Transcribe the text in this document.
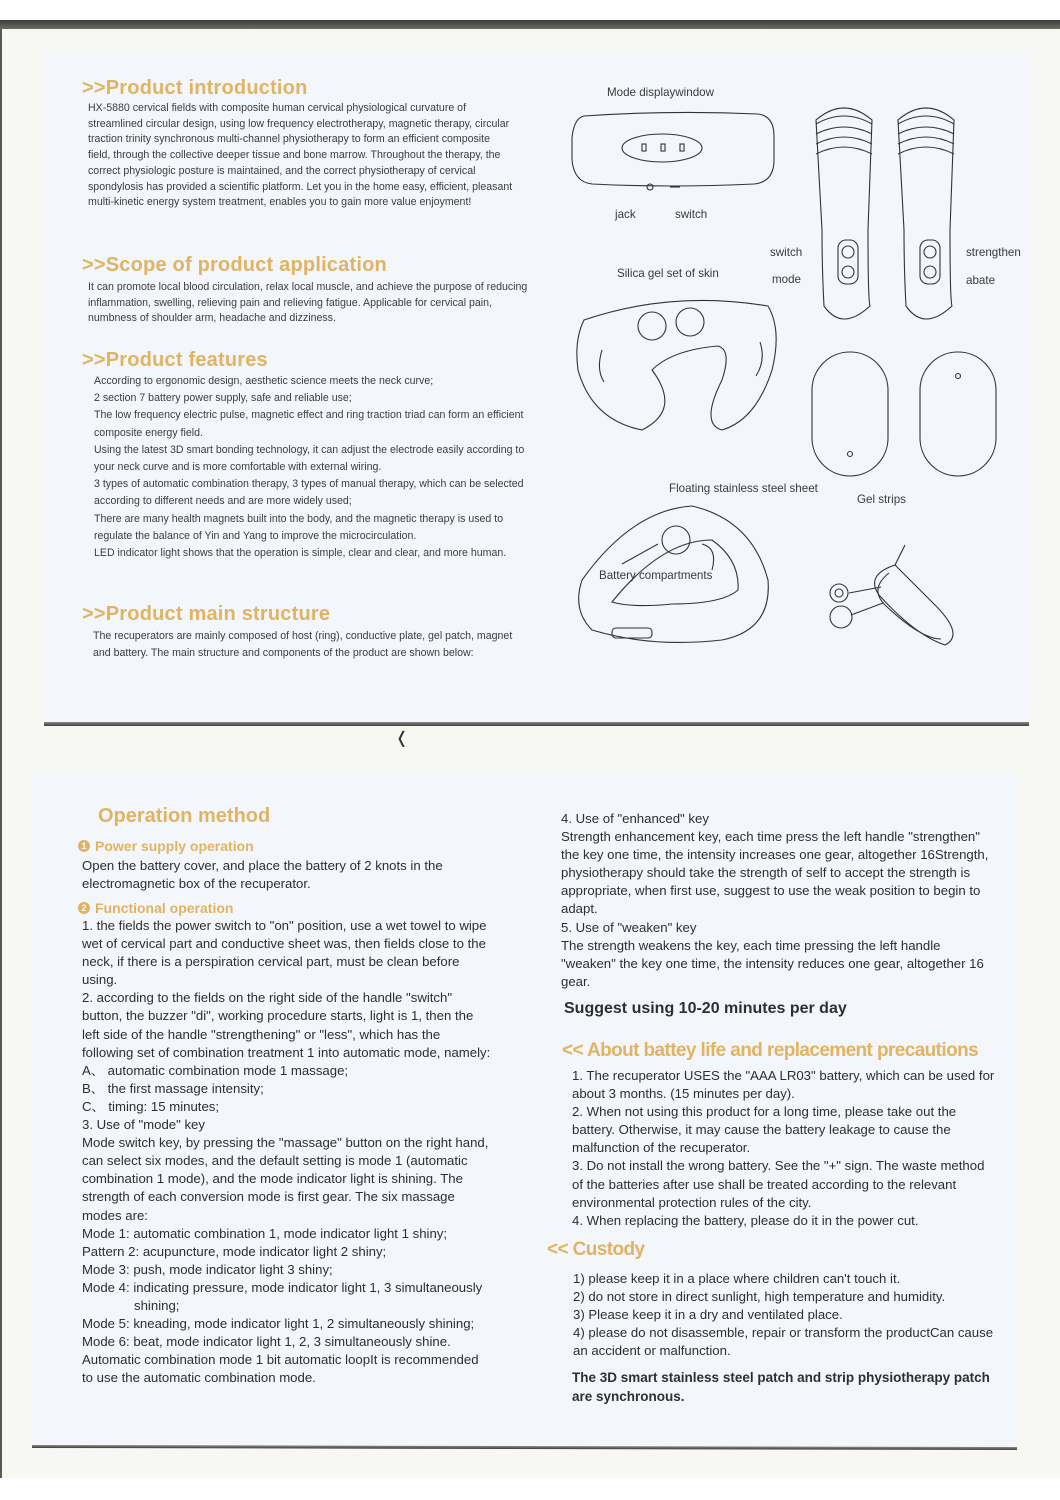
❬
>>Product introduction

HX-5880 cervical fields with composite human cervical physiological curvature of streamlined circular design, using low frequency electrotherapy, magnetic therapy, circular traction trinity synchronous multi-channel physiotherapy to form an efficient composite field, through the collective deeper tissue and bone marrow. Throughout the therapy, the correct physiologic posture is maintained, and the correct physiotherapy of cervical spondylosis has provided a scientific platform. Let you in the home easy, efficient, pleasant multi-kinetic energy system treatment, enables you to gain more value enjoyment!

>>Scope of product application

It can promote local blood circulation, relax local muscle, and achieve the purpose of reducing inflammation, swelling, relieving pain and relieving fatigue. Applicable for cervical pain, numbness of shoulder arm, headache and dizziness.

>>Product features

According to ergonomic design, aesthetic science meets the neck curve;

2 section 7 battery power supply, safe and reliable use;

The low frequency electric pulse, magnetic effect and ring traction triad can form an efficient composite energy field.

Using the latest 3D smart bonding technology, it can adjust the electrode easily according to your neck curve and is more comfortable with external wiring.

3 types of automatic combination therapy, 3 types of manual therapy, which can be selected according to different needs and are more widely used;

There are many health magnets built into the body, and the magnetic therapy is used to regulate the balance of Yin and Yang to improve the microcirculation.

LED indicator light shows that the operation is simple, clear and clear, and more human.

>>Product main structure

The recuperators are mainly composed of host (ring), conductive plate, gel patch, magnet and battery. The main structure and components of the product are shown below:

Mode displaywindow
jack	switch
switch
mode
strengthen
abate
Silica gel set of skin
Floating stainless steel sheet
Gel strips
Battery compartments
Operation method
1 Power supply operation

Open the battery cover, and place the battery of 2 knots in the electromagnetic box of the recuperator.

2 Functional operation

1. the fields the power switch to "on" position, use a wet towel to wipe wet of cervical part and conductive sheet was, then fields close to the neck, if there is a perspiration cervical part, must be clean before using.

2. according to the fields on the right side of the handle "switch" button, the buzzer "di", working procedure starts, light is 1, then the left side of the handle "strengthening" or "less", which has the following set of combination treatment 1 into automatic mode, namely:

A、 automatic combination mode 1 massage;

B、 the first massage intensity;

C、 timing: 15 minutes;

3. Use of "mode" key

Mode switch key, by pressing the "massage" button on the right hand, can select six modes, and the default setting is mode 1 (automatic combination 1 mode), and the mode indicator light is shining. The strength of each conversion mode is first gear. The six massage modes are:

Mode 1: automatic combination 1, mode indicator light 1 shiny;

Pattern 2: acupuncture, mode indicator light 2 shiny;

Mode 3: push, mode indicator light 3 shiny;

Mode 4: indicating pressure, mode indicator light 1, 3 simultaneously

shining;

Mode 5: kneading, mode indicator light 1, 2 simultaneously shining;

Mode 6: beat, mode indicator light 1, 2, 3 simultaneously shine.

Automatic combination mode 1 bit automatic loopIt is recommended to use the automatic combination mode.

4. Use of "enhanced" key

Strength enhancement key, each time press the left handle "strengthen" the key one time, the intensity increases one gear, altogether 16Strength, physiotherapy should take the strength of self to accept the strength is appropriate, when first use, suggest to use the weak position to begin to adapt.

5. Use of "weaken" key

The strength weakens the key, each time pressing the left handle "weaken" the key one time, the intensity reduces one gear, altogether 16 gear.

Suggest using 10-20 minutes per day
<< About battey life and replacement precautions

1. The recuperator USES the "AAA LR03" battery, which can be used for about 3 months. (15 minutes per day).

2. When not using this product for a long time, please take out the battery. Otherwise, it may cause the battery leakage to cause the malfunction of the recuperator.

3. Do not install the wrong battery. See the "+" sign. The waste method of the batteries after use shall be treated according to the relevant environmental protection rules of the city.

4. When replacing the battery, please do it in the power cut.

<< Custody

1) please keep it in a place where children can't touch it.

2) do not store in direct sunlight, high temperature and humidity.

3) Please keep it in a dry and ventilated place.

4) please do not disassemble, repair or transform the productCan cause an accident or malfunction.

The 3D smart stainless steel patch and strip physiotherapy patch are synchronous.
